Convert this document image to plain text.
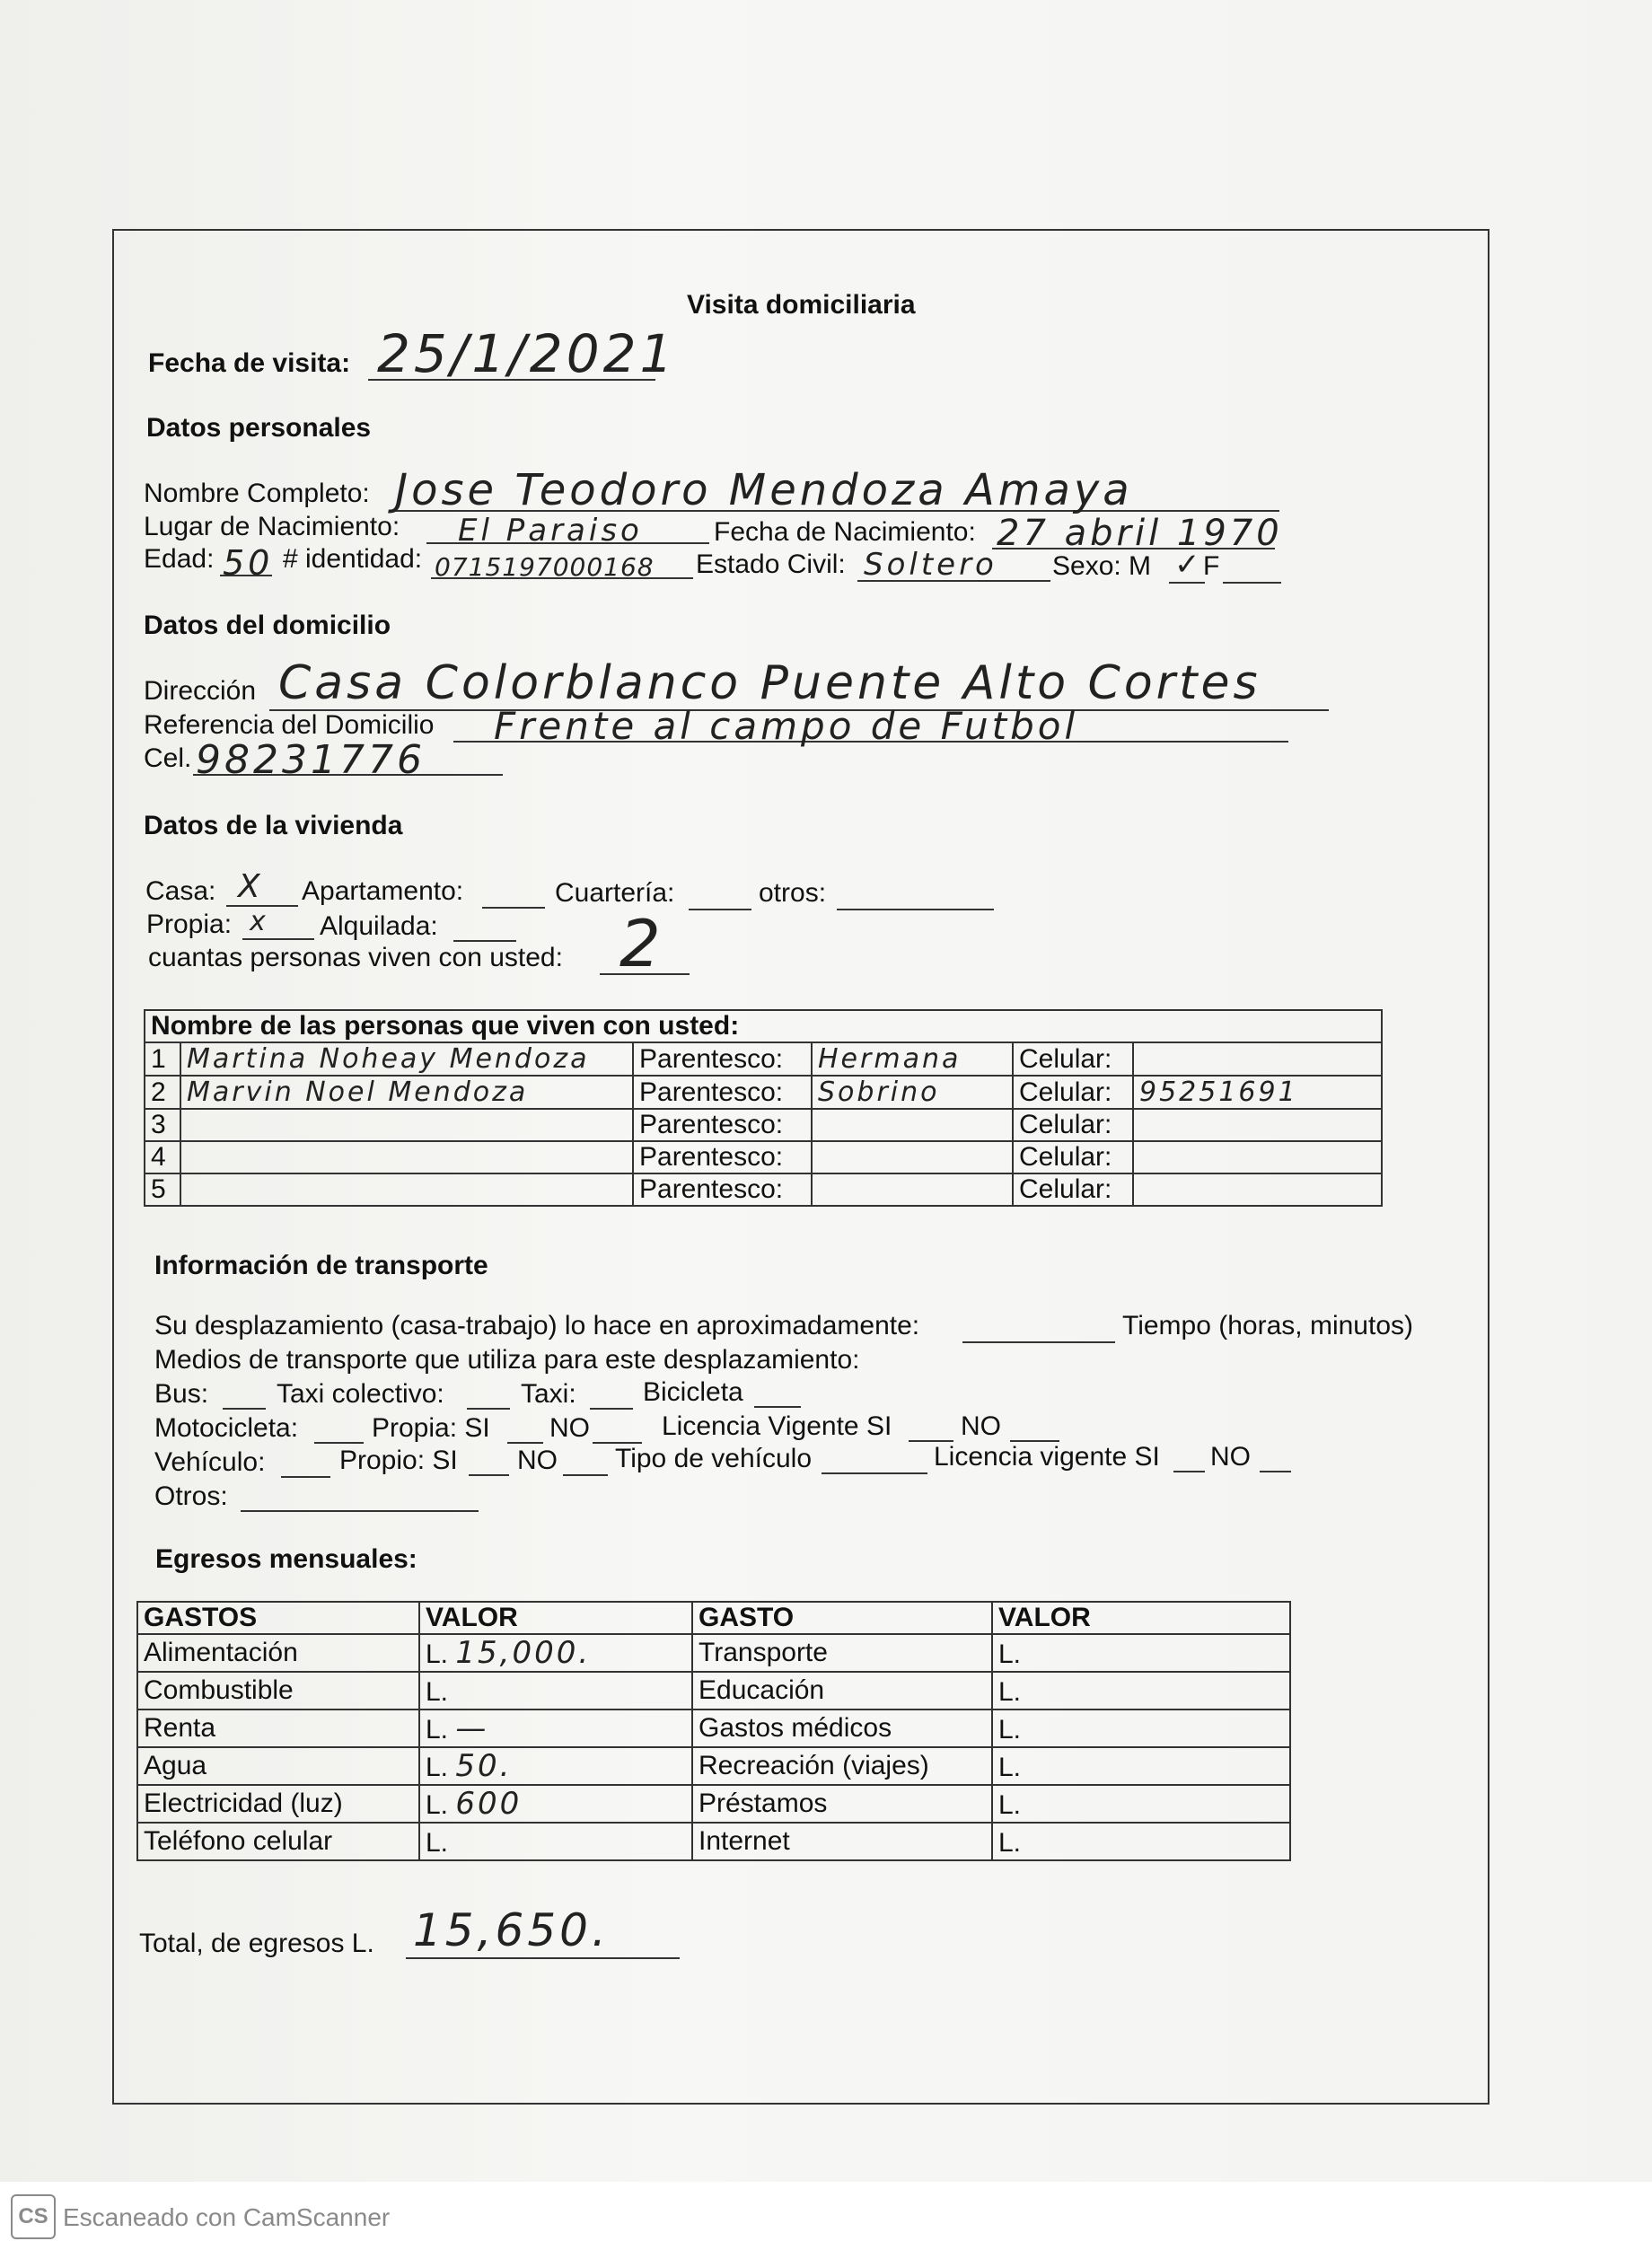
Visita domiciliaria
Fecha de visita: 25/1/2021
Datos personales
Nombre Completo: Jose Teodoro Mendoza Amaya
Lugar de Nacimiento: El Paraiso	Fecha de Nacimiento: 27 abril 1970
Edad: 50 # identidad: 0715197000168 Estado Civil: Soltero Sexo: M ✓ F
Datos del domicilio
Dirección Casa Colorblanco Puente Alto Cortes
Referencia del Domicilio Frente al campo de Futbol
Cel. 98231776
Datos de la vivienda
Casa: X Apartamento:	Cuartería:	otros:
Propia: x Alquilada:
cuantas personas viven con usted: 2
Nombre de las personas que viven con usted:					
1	Martina Noheay Mendoza	Parentesco:	Hermana	Celular:	
2	Marvin Noel Mendoza	Parentesco:	Sobrino	Celular:	95251691
3		Parentesco:		Celular:	
4		Parentesco:		Celular:	
5		Parentesco:		Celular:	
Información de transporte
Su desplazamiento (casa-trabajo) lo hace en aproximadamente:	Tiempo (horas, minutos)
Medios de transporte que utiliza para este desplazamiento:
Bus:	Taxi colectivo:	Taxi: Bicicleta
Motocicleta:	Propia: SI NO	Licencia Vigente SI	NO
Vehículo:	Propio: SI NO Tipo de vehículo	Licencia vigente SI NO
Otros:
Egresos mensuales:
GASTOS	VALOR	GASTO	VALOR
Alimentación	L. 15,000.	Transporte	L.
Combustible	L.	Educación	L.
Renta	L. —	Gastos médicos	L.
Agua	L. 50.	Recreación (viajes)	L.
Electricidad (luz)	L. 600	Préstamos	L.
Teléfono celular	L.	Internet	L.
Total, de egresos L. 15,650.
CS Escaneado con CamScanner
